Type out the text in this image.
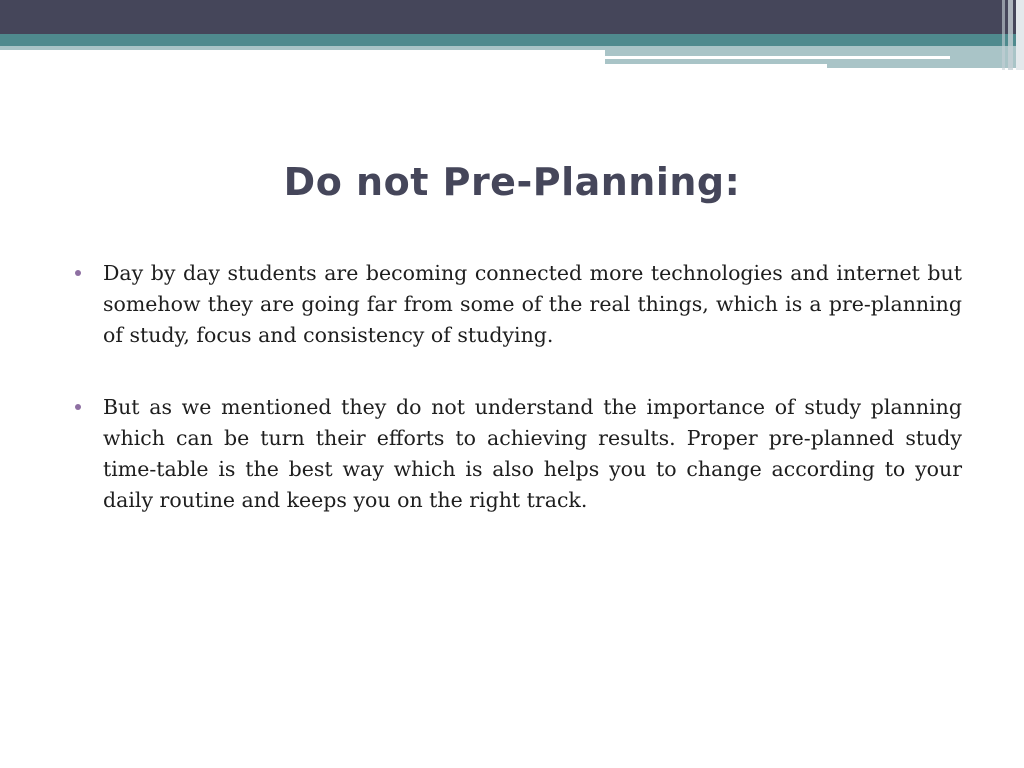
Do not Pre-Planning:
Day by day students are becoming connected more technologies and internet but somehow they are going far from some of the real things, which is a pre-planning of study, focus and consistency of studying.
But as we mentioned they do not understand the importance of study planning which can be turn their efforts to achieving results. Proper pre-planned study time-table is the best way which is also helps you to change according to your daily routine and keeps you on the right track.
